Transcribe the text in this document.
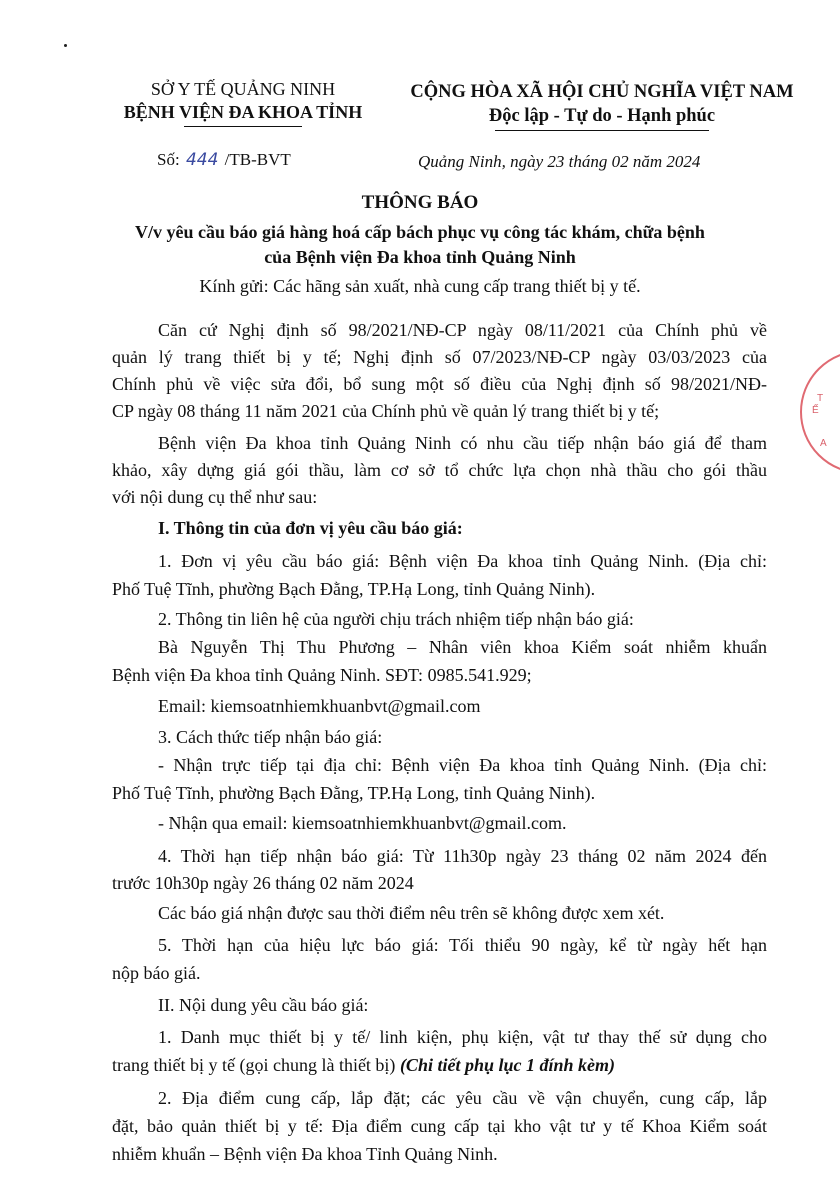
T
Ế
A
SỞ Y TẾ QUẢNG NINH
BỆNH VIỆN ĐA KHOA TỈNH
CỘNG HÒA XÃ HỘI CHỦ NGHĨA VIỆT NAM
Độc lập - Tự do - Hạnh phúc
Số: 444 /TB-BVT	Quảng Ninh, ngày 23 tháng 02 năm 2024
THÔNG BÁO
V/v yêu cầu báo giá hàng hoá cấp bách phục vụ công tác khám, chữa bệnh
của Bệnh viện Đa khoa tỉnh Quảng Ninh
Kính gửi: Các hãng sản xuất, nhà cung cấp trang thiết bị y tế.
Căn cứ Nghị định số 98/2021/NĐ-CP ngày 08/11/2021 của Chính phủ về
quản lý trang thiết bị y tế; Nghị định số 07/2023/NĐ-CP ngày 03/03/2023 của
Chính phủ về việc sửa đổi, bổ sung một số điều của Nghị định số 98/2021/NĐ-
CP ngày 08 tháng 11 năm 2021 của Chính phủ về quản lý trang thiết bị y tế;
Bệnh viện Đa khoa tỉnh Quảng Ninh có nhu cầu tiếp nhận báo giá để tham
khảo, xây dựng giá gói thầu, làm cơ sở tổ chức lựa chọn nhà thầu cho gói thầu
với nội dung cụ thể như sau:
I. Thông tin của đơn vị yêu cầu báo giá:
1. Đơn vị yêu cầu báo giá: Bệnh viện Đa khoa tỉnh Quảng Ninh. (Địa chỉ:
Phố Tuệ Tĩnh, phường Bạch Đằng, TP.Hạ Long, tỉnh Quảng Ninh).
2. Thông tin liên hệ của người chịu trách nhiệm tiếp nhận báo giá:
Bà Nguyễn Thị Thu Phương – Nhân viên khoa Kiểm soát nhiễm khuẩn
Bệnh viện Đa khoa tỉnh Quảng Ninh. SĐT: 0985.541.929;
Email: kiemsoatnhiemkhuanbvt@gmail.com
3. Cách thức tiếp nhận báo giá:
- Nhận trực tiếp tại địa chỉ: Bệnh viện Đa khoa tỉnh Quảng Ninh. (Địa chỉ:
Phố Tuệ Tĩnh, phường Bạch Đằng, TP.Hạ Long, tỉnh Quảng Ninh).
- Nhận qua email: kiemsoatnhiemkhuanbvt@gmail.com.
4. Thời hạn tiếp nhận báo giá: Từ 11h30p ngày 23 tháng 02 năm 2024 đến
trước 10h30p ngày 26 tháng 02 năm 2024
Các báo giá nhận được sau thời điểm nêu trên sẽ không được xem xét.
5. Thời hạn của hiệu lực báo giá: Tối thiểu 90 ngày, kể từ ngày hết hạn
nộp báo giá.
II. Nội dung yêu cầu báo giá:
1. Danh mục thiết bị y tế/ linh kiện, phụ kiện, vật tư thay thế sử dụng cho
trang thiết bị y tế (gọi chung là thiết bị) (Chi tiết phụ lục 1 đính kèm)
2. Địa điểm cung cấp, lắp đặt; các yêu cầu về vận chuyển, cung cấp, lắp
đặt, bảo quản thiết bị y tế: Địa điểm cung cấp tại kho vật tư y tế Khoa Kiểm soát
nhiễm khuẩn – Bệnh viện Đa khoa Tỉnh Quảng Ninh.
